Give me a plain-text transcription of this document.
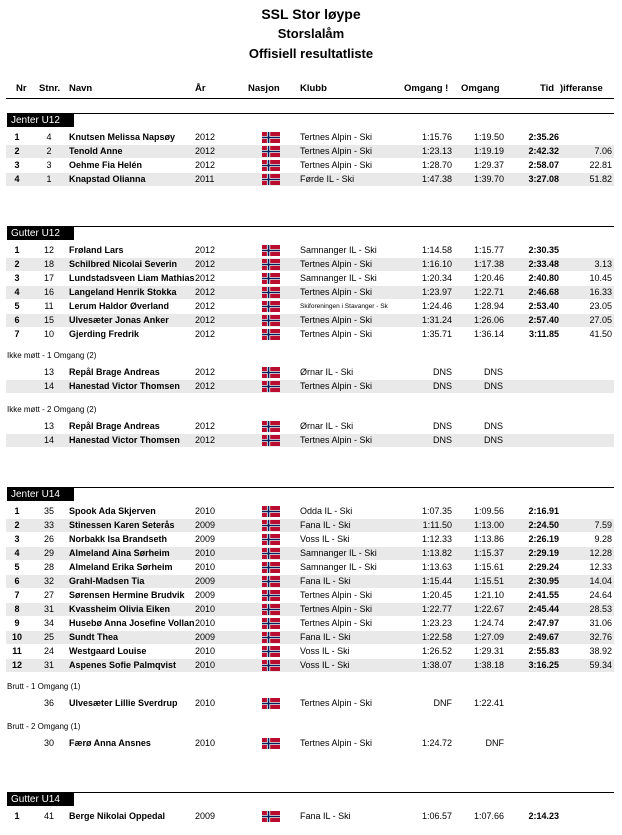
SSL Stor løype
Storslalåm
Offisiell resultatliste
Nr Stnr. Navn	År	Nasjon Klubb	Omgang ! Omgang	Tid )ifferanse
Jenter U12
1	4	Knutsen Melissa Napsøy 2012	Tertnes Alpin - Ski	1:15.76	1:19.50	2:35.26
2	2	Tenold Anne	2012	Tertnes Alpin - Ski	1:23.13	1:19.19	2:42.32	7.06
3	3	Oehme Fia Helén	2012	Tertnes Alpin - Ski	1:28.70	1:29.37	2:58.07	22.81
4	1	Knapstad Olianna	2011	Førde IL - Ski	1:47.38	1:39.70	3:27.08	51.82
Gutter U12
1	12	Frøland Lars	2012	Samnanger IL - Ski	1:14.58	1:15.77	2:30.35
2	18	Schilbred Nicolai Severin 2012	Tertnes Alpin - Ski	1:16.10	1:17.38	2:33.48	3.13
3	17	Lundstadsveen Liam Mathias 2012	Samnanger IL - Ski	1:20.34	1:20.46	2:40.80	10.45
4	16	Langeland Henrik Stokka 2012	Tertnes Alpin - Ski	1:23.97	1:22.71	2:46.68	16.33
5	11	Lerum Haldor Øverland	2012	Skiforeningen i Stavanger - Sk	1:24.46	1:28.94	2:53.40	23.05
6	15	Ulvesæter Jonas Anker	2012	Tertnes Alpin - Ski	1:31.24	1:26.06	2:57.40	27.05
7	10	Gjerding Fredrik	2012	Tertnes Alpin - Ski	1:35.71	1:36.14	3:11.85	41.50
Ikke møtt - 1 Omgang (2)
13	Repål Brage Andreas	2012	Ørnar IL - Ski	DNS	DNS
14	Hanestad Victor Thomsen 2012	Tertnes Alpin - Ski	DNS	DNS
Ikke møtt - 2 Omgang (2)
13	Repål Brage Andreas	2012	Ørnar IL - Ski	DNS	DNS
14	Hanestad Victor Thomsen 2012	Tertnes Alpin - Ski	DNS	DNS
Jenter U14
1	35	Spook Ada Skjerven	2010	Odda IL - Ski	1:07.35	1:09.56	2:16.91
2	33	Stinessen Karen Seterås 2009	Fana IL - Ski	1:11.50	1:13.00	2:24.50	7.59
3	26	Norbakk Isa Brandseth	2009	Voss IL - Ski	1:12.33	1:13.86	2:26.19	9.28
4	29	Almeland Aina Sørheim	2010	Samnanger IL - Ski	1:13.82	1:15.37	2:29.19	12.28
5	28	Almeland Erika Sørheim 2010	Samnanger IL - Ski	1:13.63	1:15.61	2:29.24	12.33
6	32	Grahl-Madsen Tia	2009	Fana IL - Ski	1:15.44	1:15.51	2:30.95	14.04
7	27	Sørensen Hermine Brudvik 2009	Tertnes Alpin - Ski	1:20.45	1:21.10	2:41.55	24.64
8	31	Kvassheim Olivia Eiken	2010	Tertnes Alpin - Ski	1:22.77	1:22.67	2:45.44	28.53
9	34	Husebø Anna Josefine Vollan 2010	Tertnes Alpin - Ski	1:23.23	1:24.74	2:47.97	31.06
10	25	Sundt Thea	2009	Fana IL - Ski	1:22.58	1:27.09	2:49.67	32.76
11	24	Westgaard Louise	2010	Voss IL - Ski	1:26.52	1:29.31	2:55.83	38.92
12	31	Aspenes Sofie Palmqvist 2010	Voss IL - Ski	1:38.07	1:38.18	3:16.25	59.34
Brutt - 1 Omgang (1)
36	Ulvesæter Lillie Sverdrup 2010	Tertnes Alpin - Ski	DNF	1:22.41
Brutt - 2 Omgang (1)
30	Færø Anna Ansnes	2010	Tertnes Alpin - Ski	1:24.72	DNF
Gutter U14
1	41	Berge Nikolai Oppedal	2009	Fana IL - Ski	1:06.57	1:07.66	2:14.23
